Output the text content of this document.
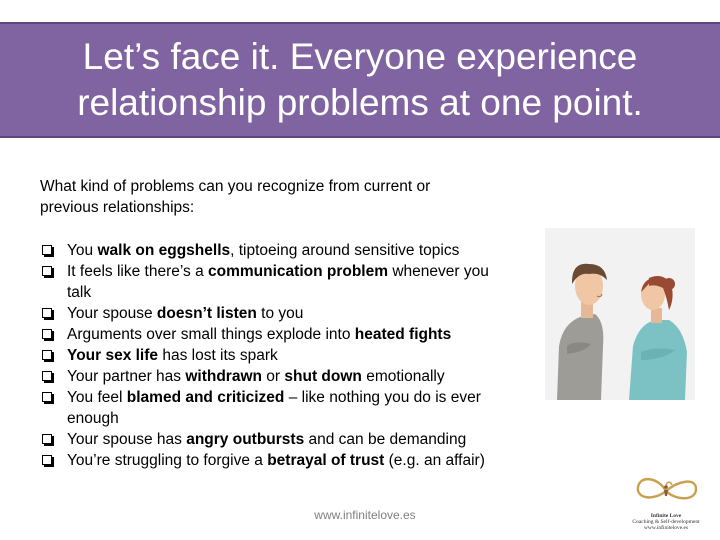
Let’s face it. Everyone experience
relationship problems at one point.
What kind of problems can you recognize from current or
previous relationships:
You walk on eggshells, tiptoeing around sensitive topics
It feels like there’s a communication problem whenever you talk
Your spouse doesn’t listen to you
Arguments over small things explode into heated fights
Your sex life has lost its spark
Your partner has withdrawn or shut down emotionally
You feel blamed and criticized – like nothing you do is ever enough
Your spouse has angry outbursts and can be demanding
You’re struggling to forgive a betrayal of trust (e.g. an affair)
www.infinitelove.es	Infinite Love
Coaching & Self-development
www.infinitelove.es
